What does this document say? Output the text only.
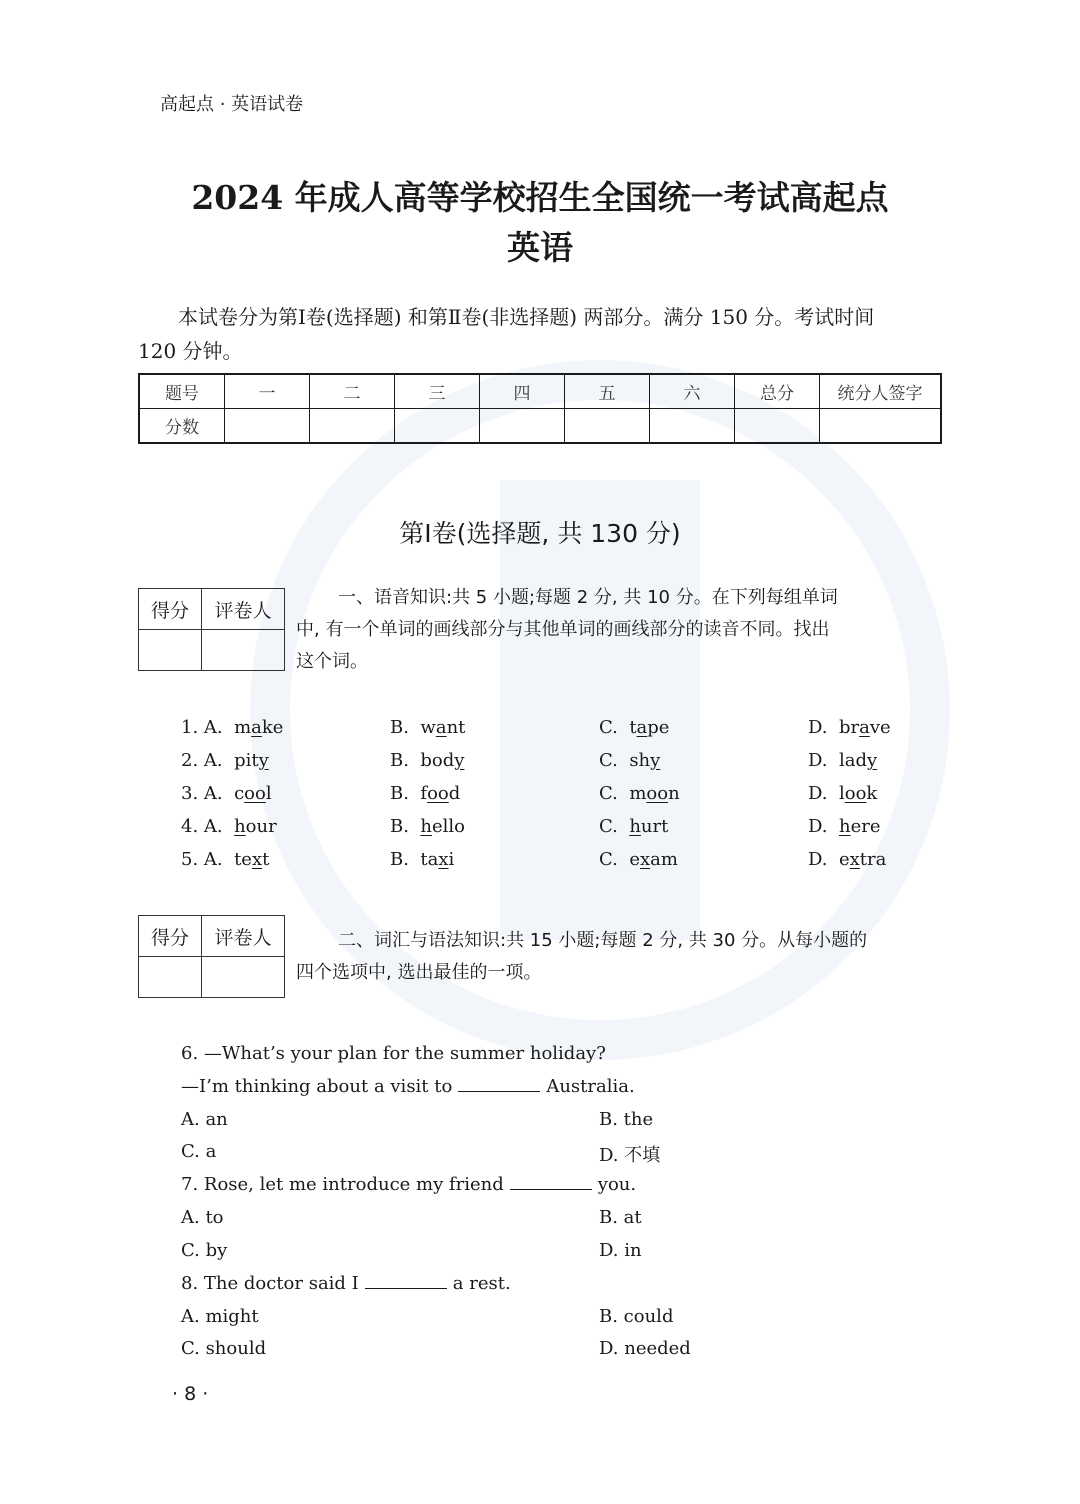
高起点 · 英语试卷
2024 年成人高等学校招生全国统一考试高起点
英语
本试卷分为第Ⅰ卷(选择题) 和第Ⅱ卷(非选择题) 两部分。满分 150 分。考试时间
120 分钟。
题号	一	二	三	四	五	六	总分	统分人签字
分数								
第Ⅰ卷(选择题, 共 130 分)
得分	评卷人

一、语音知识:共 5 小题;每题 2 分, 共 10 分。在下列每组单词
中, 有一个单词的画线部分与其他单词的画线部分的读音不同。找出
这个词。
1. A. make	B. want	C. tape	D. brave
2. A. pity	B. body	C. shy	D. lady
3. A. cool	B. food	C. moon	D. look
4. A. hour	B. hello	C. hurt	D. here
5. A. text	B. taxi	C. exam	D. extra
得分	评卷人
		二、词汇与语法知识:共 15 小题;每题 2 分, 共 30 分。从每小题的
四个选项中, 选出最佳的一项。
6. —What’s your plan for the summer holiday?
—I’m thinking about a visit to	Australia.
A. an	B. the
C. a	D. 不填
7. Rose, let me introduce my friend	you.
A. to	B. at
C. by	D. in
8. The doctor said I	a rest.
A. might	B. could
C. should	D. needed
· 8 ·
